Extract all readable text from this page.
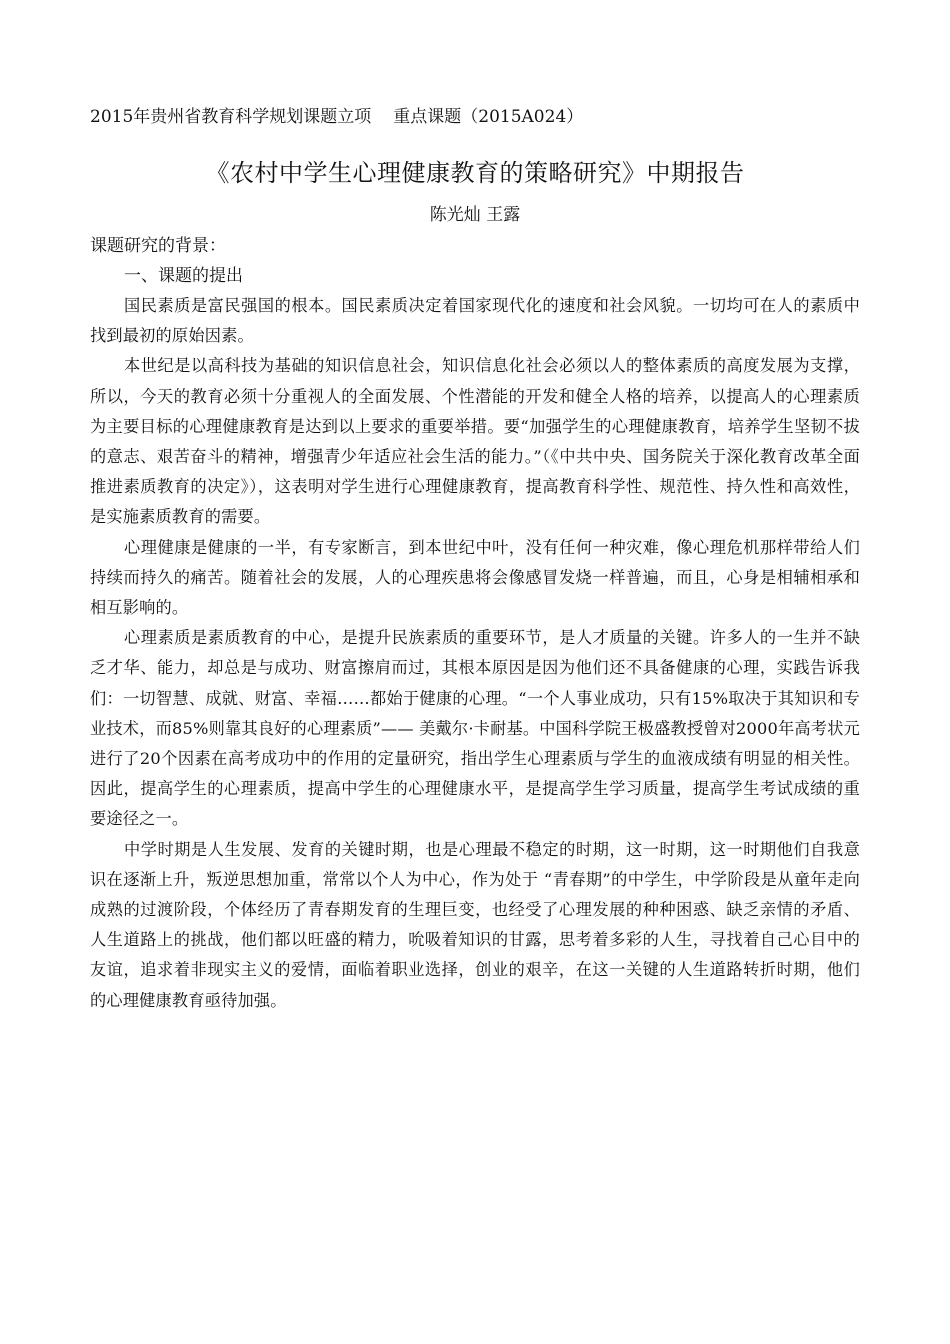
2015年贵州省教育科学规划课题立项 重点课题（2015A024）

《农村中学生心理健康教育的策略研究》中期报告

陈光灿 王露

课题研究的背景：

一、课题的提出

国民素质是富民强国的根本。国民素质决定着国家现代化的速度和社会风貌。一切均可在人的素质中找到最初的原始因素。

本世纪是以高科技为基础的知识信息社会，知识信息化社会必须以人的整体素质的高度发展为支撑，所以，今天的教育必须十分重视人的全面发展、个性潜能的开发和健全人格的培养，以提高人的心理素质为主要目标的心理健康教育是达到以上要求的重要举措。要“加强学生的心理健康教育，培养学生坚韧不拔的意志、艰苦奋斗的精神，增强青少年适应社会生活的能力。”（《中共中央、国务院关于深化教育改革全面推进素质教育的决定》），这表明对学生进行心理健康教育，提高教育科学性、规范性、持久性和高效性，是实施素质教育的需要。

心理健康是健康的一半，有专家断言，到本世纪中叶，没有任何一种灾难，像心理危机那样带给人们持续而持久的痛苦。随着社会的发展，人的心理疾患将会像感冒发烧一样普遍，而且，心身是相辅相承和相互影响的。

心理素质是素质教育的中心，是提升民族素质的重要环节，是人才质量的关键。许多人的一生并不缺乏才华、能力，却总是与成功、财富擦肩而过，其根本原因是因为他们还不具备健康的心理，实践告诉我们：一切智慧、成就、财富、幸福……都始于健康的心理。“一个人事业成功，只有15%取决于其知识和专业技术，而85%则靠其良好的心理素质”—— 美戴尔·卡耐基。中国科学院王极盛教授曾对2000年高考状元进行了20个因素在高考成功中的作用的定量研究，指出学生心理素质与学生的血液成绩有明显的相关性。因此，提高学生的心理素质，提高中学生的心理健康水平，是提高学生学习质量，提高学生考试成绩的重要途径之一。

中学时期是人生发展、发育的关键时期，也是心理最不稳定的时期，这一时期，这一时期他们自我意识在逐渐上升，叛逆思想加重，常常以个人为中心，作为处于 “青春期”的中学生，中学阶段是从童年走向成熟的过渡阶段，个体经历了青春期发育的生理巨变，也经受了心理发展的种种困惑、缺乏亲情的矛盾、人生道路上的挑战，他们都以旺盛的精力，吮吸着知识的甘露，思考着多彩的人生，寻找着自己心目中的友谊，追求着非现实主义的爱情，面临着职业选择，创业的艰辛，在这一关键的人生道路转折时期，他们的心理健康教育亟待加强。
